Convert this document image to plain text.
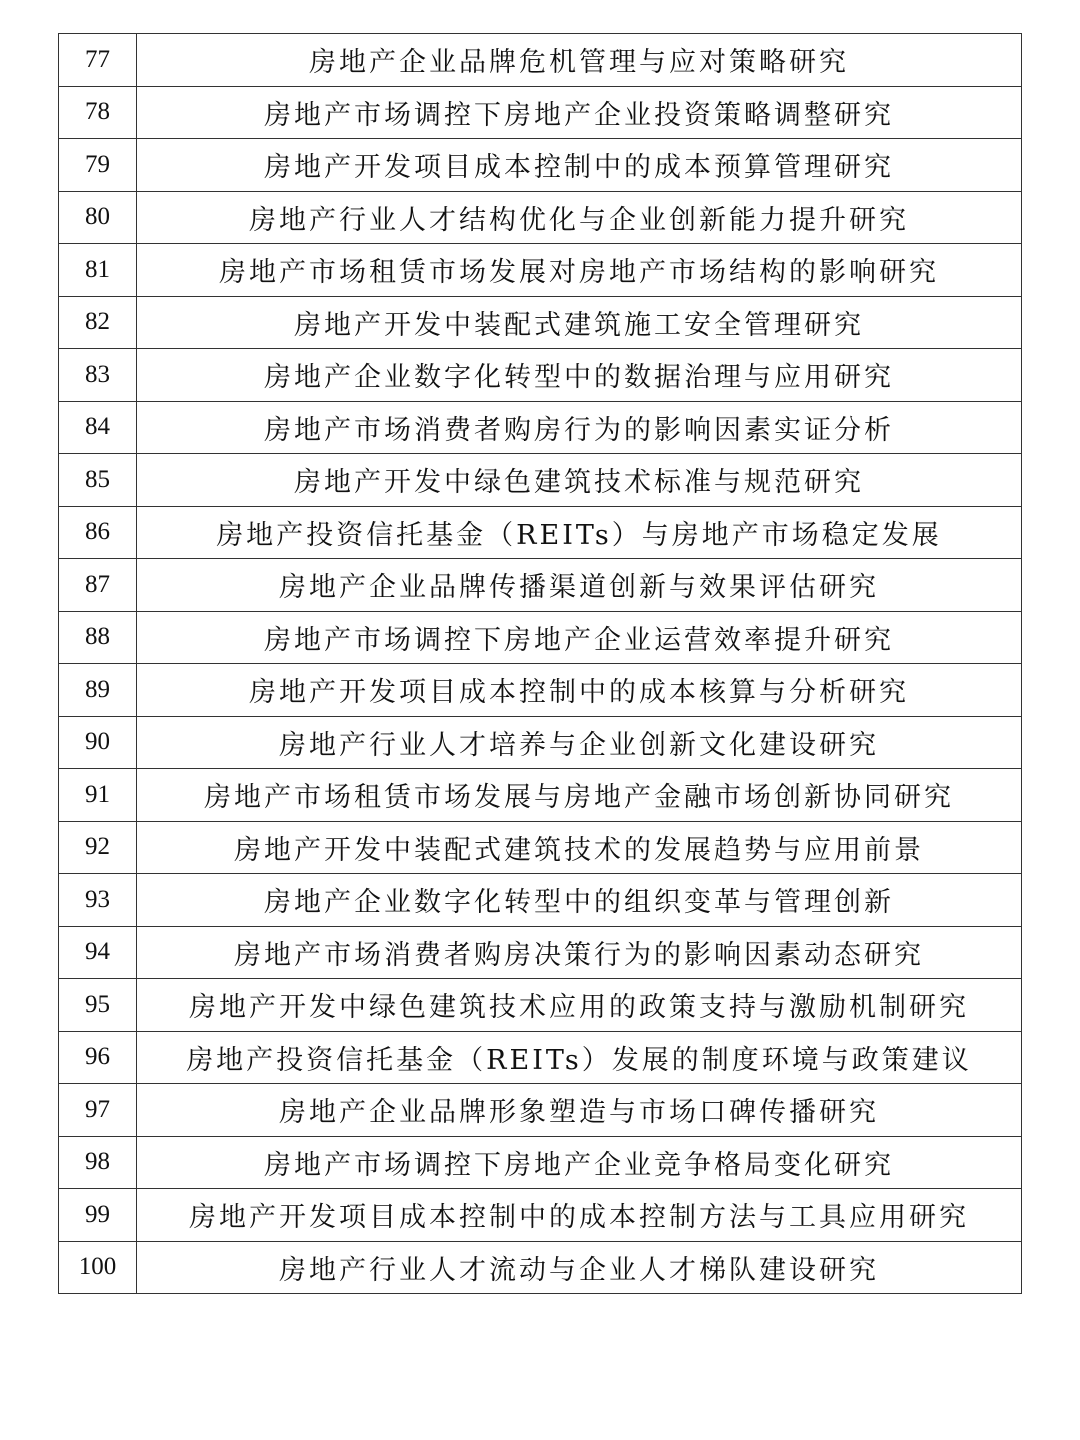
77	房地产企业品牌危机管理与应对策略研究
78	房地产市场调控下房地产企业投资策略调整研究
79	房地产开发项目成本控制中的成本预算管理研究
80	房地产行业人才结构优化与企业创新能力提升研究
81	房地产市场租赁市场发展对房地产市场结构的影响研究
82	房地产开发中装配式建筑施工安全管理研究
83	房地产企业数字化转型中的数据治理与应用研究
84	房地产市场消费者购房行为的影响因素实证分析
85	房地产开发中绿色建筑技术标准与规范研究
86	房地产投资信托基金（REITs）与房地产市场稳定发展
87	房地产企业品牌传播渠道创新与效果评估研究
88	房地产市场调控下房地产企业运营效率提升研究
89	房地产开发项目成本控制中的成本核算与分析研究
90	房地产行业人才培养与企业创新文化建设研究
91	房地产市场租赁市场发展与房地产金融市场创新协同研究
92	房地产开发中装配式建筑技术的发展趋势与应用前景
93	房地产企业数字化转型中的组织变革与管理创新
94	房地产市场消费者购房决策行为的影响因素动态研究
95	房地产开发中绿色建筑技术应用的政策支持与激励机制研究
96	房地产投资信托基金（REITs）发展的制度环境与政策建议
97	房地产企业品牌形象塑造与市场口碑传播研究
98	房地产市场调控下房地产企业竞争格局变化研究
99	房地产开发项目成本控制中的成本控制方法与工具应用研究
100	房地产行业人才流动与企业人才梯队建设研究
